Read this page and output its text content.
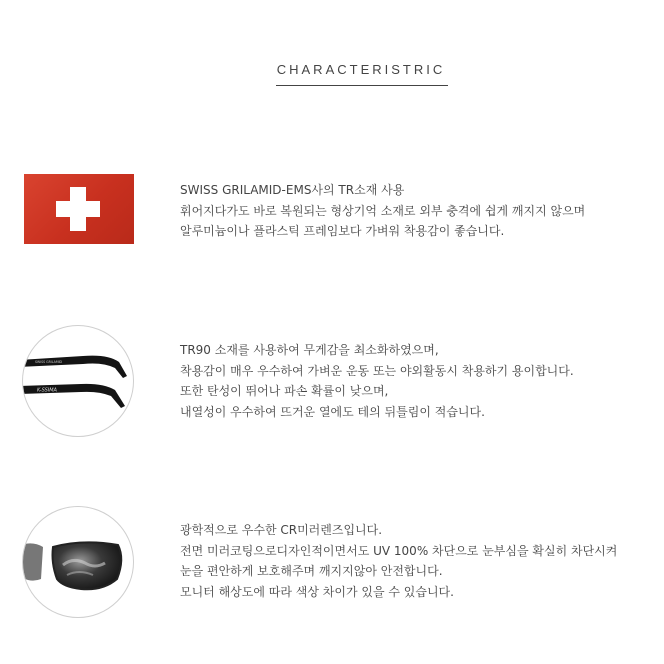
CHARACTERISTRIC
SWISS GRILAMID-EMS사의 TR소재 사용
휘어지다가도 바로 복원되는 형상기억 소재로 외부 충격에 쉽게 깨지지 않으며
알루미늄이나 플라스틱 프레임보다 가벼워 착용감이 좋습니다.
SWISS GRILAMID
K-SSIMA
TR90 소재를 사용하여 무게감을 최소화하였으며,
착용감이 매우 우수하여 가벼운 운동 또는 야외활동시 착용하기 용이합니다.
또한 탄성이 뛰어나 파손 확률이 낮으며,
내열성이 우수하여 뜨거운 열에도 테의 뒤틀림이 적습니다.
광학적으로 우수한 CR미러렌즈입니다.
전면 미러코팅으로디자인적이면서도 UV 100% 차단으로 눈부심을 확실히 차단시켜
눈을 편안하게 보호해주며 깨지지않아 안전합니다.
모니터 해상도에 따라 색상 차이가 있을 수 있습니다.
